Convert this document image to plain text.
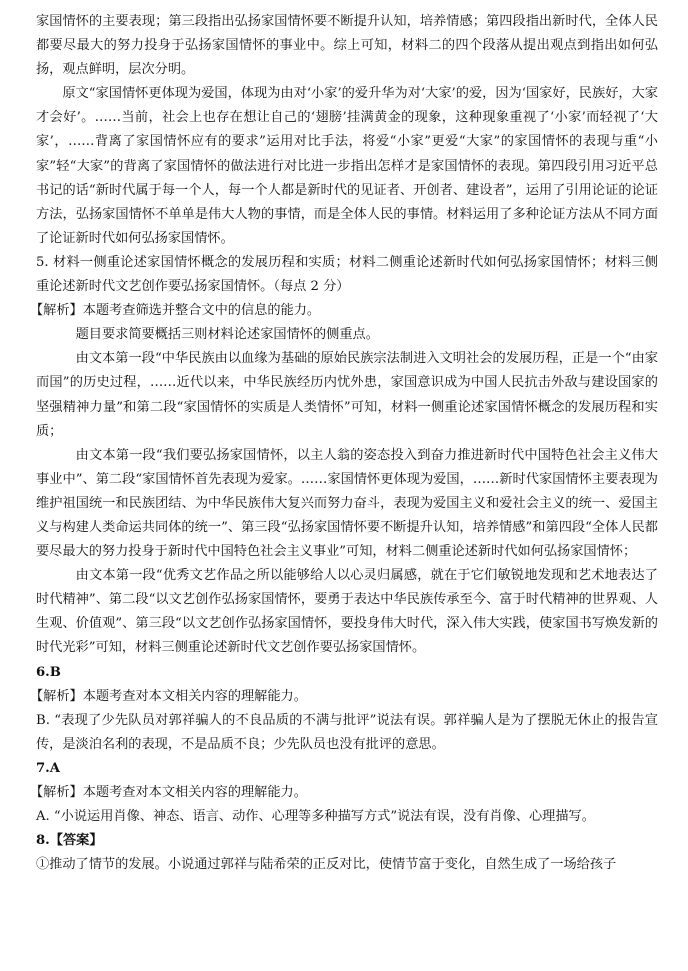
家国情怀的主要表现；第三段指出弘扬家国情怀要不断提升认知，培养情感；第四段指出新时代，全体人民都要尽最大的努力投身于弘扬家国情怀的事业中。综上可知，材料二的四个段落从提出观点到指出如何弘扬，观点鲜明，层次分明。

原文“家国情怀更体现为爱国，体现为由对‘小家’的爱升华为对‘大家’的爱，因为‘国家好，民族好，大家才会好’。……当前，社会上也存在想让自己的‘翅膀’挂满黄金的现象，这种现象重视了‘小家’而轻视了‘大家’，……背离了家国情怀应有的要求”运用对比手法，将爱“小家”更爱“大家”的家国情怀的表现与重“小家”轻“大家”的背离了家国情怀的做法进行对比进一步指出怎样才是家国情怀的表现。第四段引用习近平总书记的话“新时代属于每一个人，每一个人都是新时代的见证者、开创者、建设者”，运用了引用论证的论证方法，弘扬家国情怀不单单是伟大人物的事情，而是全体人民的事情。材料运用了多种论证方法从不同方面了论证新时代如何弘扬家国情怀。

5. 材料一侧重论述家国情怀概念的发展历程和实质；材料二侧重论述新时代如何弘扬家国情怀；材料三侧重论述新时代文艺创作要弘扬家国情怀。（每点 2 分）

【解析】本题考查筛选并整合文中的信息的能力。

题目要求简要概括三则材料论述家国情怀的侧重点。

由文本第一段“中华民族由以血缘为基础的原始民族宗法制进入文明社会的发展历程，正是一个“由家而国”的历史过程，……近代以来，中华民族经历内忧外患，家国意识成为中国人民抗击外敌与建设国家的坚强精神力量”和第二段“家国情怀的实质是人类情怀”可知，材料一侧重论述家国情怀概念的发展历程和实质；

由文本第一段“我们要弘扬家国情怀，以主人翁的姿态投入到奋力推进新时代中国特色社会主义伟大事业中”、第二段“家国情怀首先表现为爱家。……家国情怀更体现为爱国，……新时代家国情怀主要表现为维护祖国统一和民族团结、为中华民族伟大复兴而努力奋斗，表现为爱国主义和爱社会主义的统一、爱国主义与构建人类命运共同体的统一”、第三段“弘扬家国情怀要不断提升认知，培养情感”和第四段“全体人民都要尽最大的努力投身于新时代中国特色社会主义事业”可知，材料二侧重论述新时代如何弘扬家国情怀；

由文本第一段“优秀文艺作品之所以能够给人以心灵归属感，就在于它们敏锐地发现和艺术地表达了时代精神”、第二段“以文艺创作弘扬家国情怀，要勇于表达中华民族传承至今、富于时代精神的世界观、人生观、价值观”、第三段“以文艺创作弘扬家国情怀，要投身伟大时代，深入伟大实践，使家国书写焕发新的时代光彩”可知，材料三侧重论述新时代文艺创作要弘扬家国情怀。

6.B

【解析】本题考查对本文相关内容的理解能力。

B. “表现了少先队员对郭祥骗人的不良品质的不满与批评”说法有误。郭祥骗人是为了摆脱无休止的报告宣传，是淡泊名利的表现，不是品质不良；少先队员也没有批评的意思。

7.A

【解析】本题考查对本文相关内容的理解能力。

A. “小说运用肖像、神态、语言、动作、心理等多种描写方式”说法有误，没有肖像、心理描写。

8.【答案】

①推动了情节的发展。小说通过郭祥与陆希荣的正反对比，使情节富于变化，自然生成了一场给孩子
